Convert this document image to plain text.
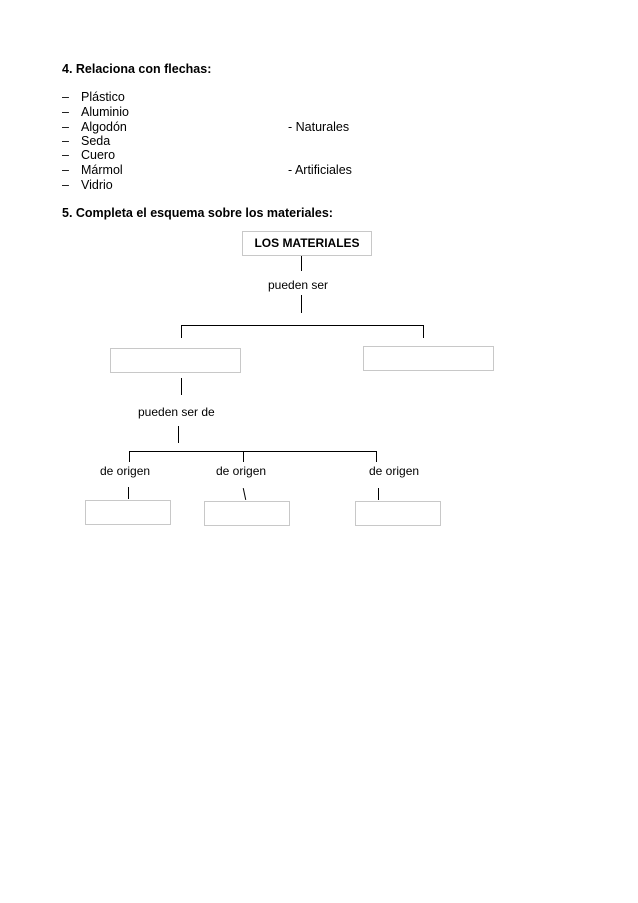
4. Relaciona con flechas:
– Plástico
– Aluminio
– Algodón
– Seda
– Cuero
– Mármol
– Vidrio
- Naturales
- Artificiales
5. Completa el esquema sobre los materiales:
LOS MATERIALES
pueden ser
pueden ser de
de origen	de origen	de origen
